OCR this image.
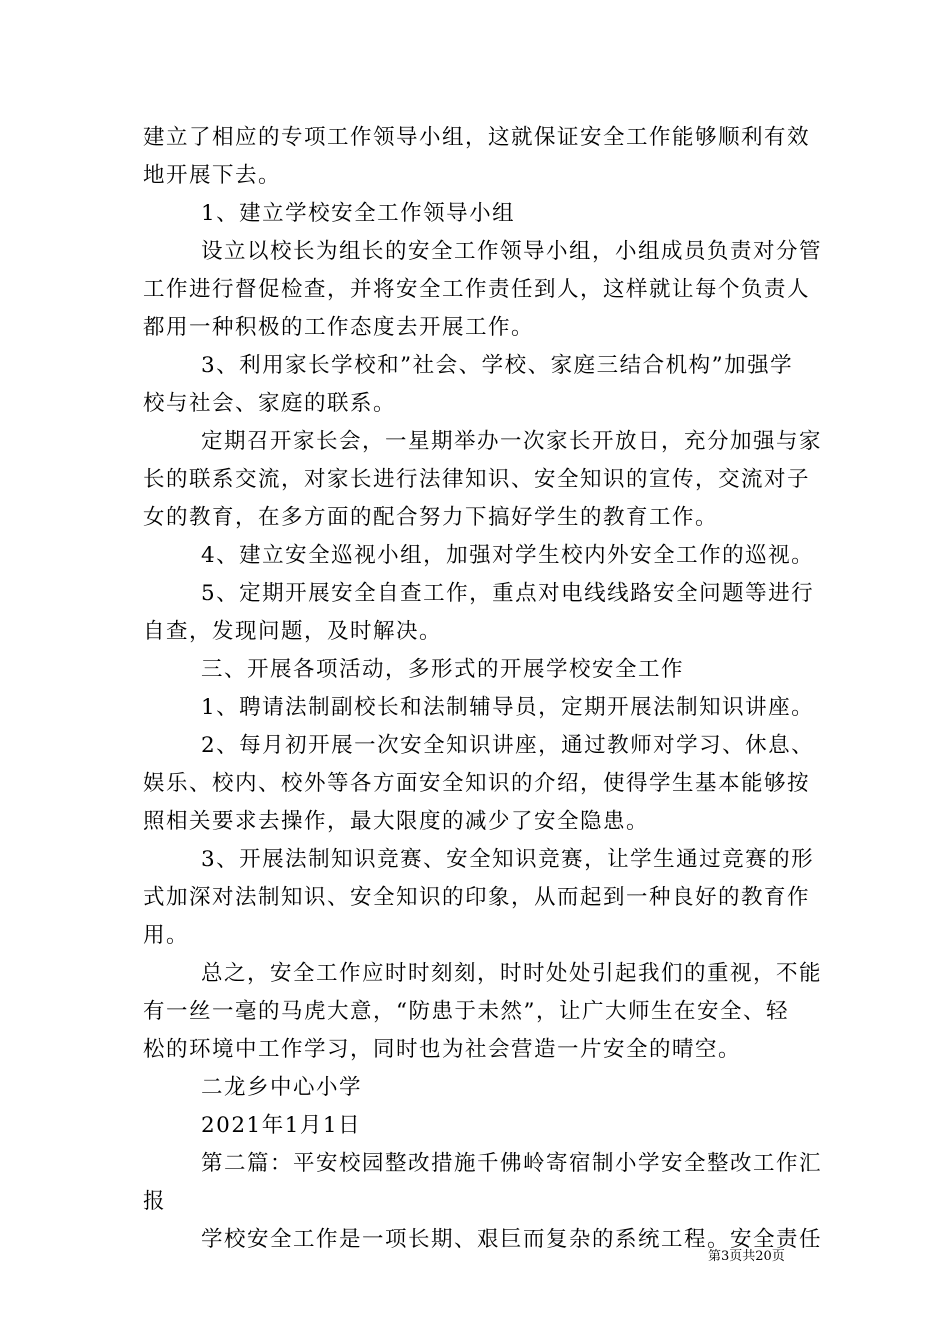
建立了相应的专项工作领导小组，这就保证安全工作能够顺利有效
地开展下去。
1、建立学校安全工作领导小组
设立以校长为组长的安全工作领导小组，小组成员负责对分管
工作进行督促检查，并将安全工作责任到人，这样就让每个负责人
都用一种积极的工作态度去开展工作。
3、利用家长学校和”社会、学校、家庭三结合机构”加强学
校与社会、家庭的联系。
定期召开家长会，一星期举办一次家长开放日，充分加强与家
长的联系交流，对家长进行法律知识、安全知识的宣传，交流对子
女的教育，在多方面的配合努力下搞好学生的教育工作。
4、建立安全巡视小组，加强对学生校内外安全工作的巡视。
5、定期开展安全自查工作，重点对电线线路安全问题等进行
自查，发现问题，及时解决。
三、开展各项活动，多形式的开展学校安全工作
1、聘请法制副校长和法制辅导员，定期开展法制知识讲座。
2、每月初开展一次安全知识讲座，通过教师对学习、休息、
娱乐、校内、校外等各方面安全知识的介绍，使得学生基本能够按
照相关要求去操作，最大限度的减少了安全隐患。
3、开展法制知识竞赛、安全知识竞赛，让学生通过竞赛的形
式加深对法制知识、安全知识的印象，从而起到一种良好的教育作
用。
总之，安全工作应时时刻刻，时时处处引起我们的重视，不能
有一丝一毫的马虎大意，“防患于未然”，让广大师生在安全、轻
松的环境中工作学习，同时也为社会营造一片安全的晴空。
二龙乡中心小学
2021年1月1日
第二篇：平安校园整改措施千佛岭寄宿制小学安全整改工作汇
报
学校安全工作是一项长期、艰巨而复杂的系统工程。安全责任
第3页共20页
